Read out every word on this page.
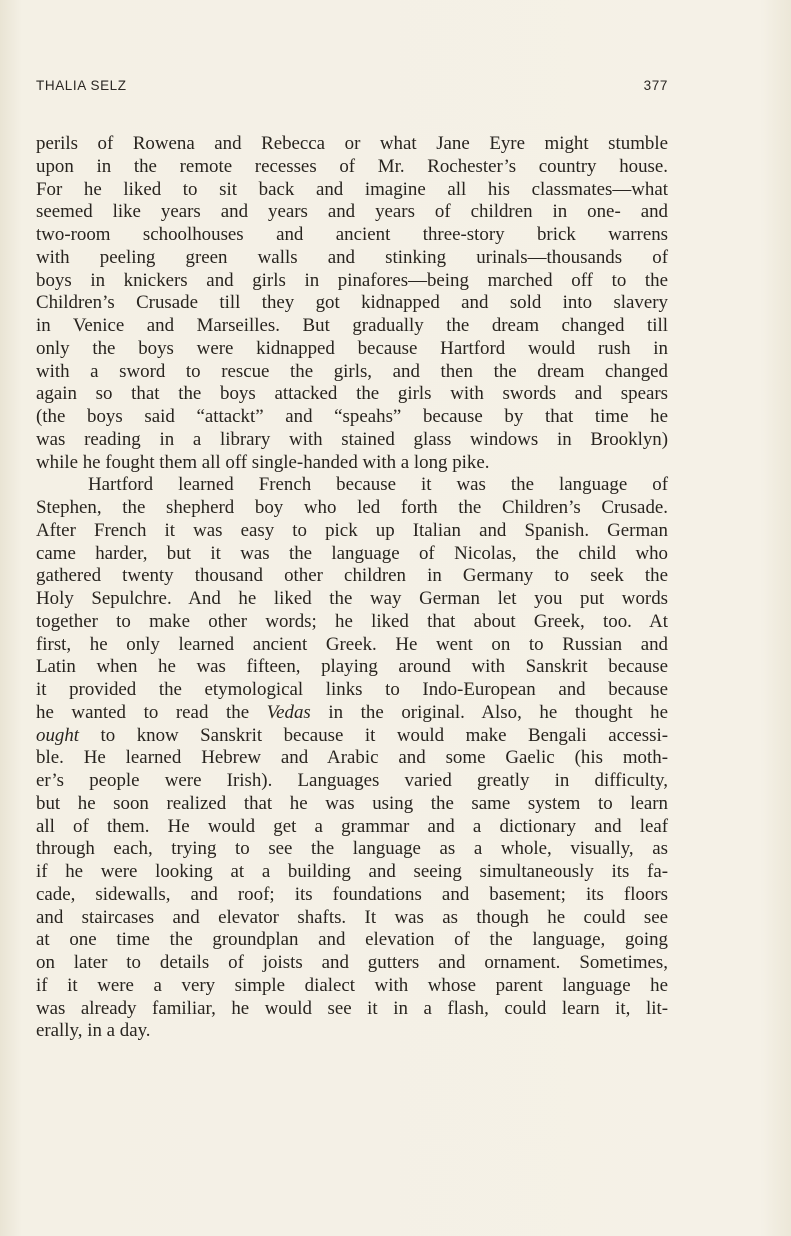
THALIA SELZ	377
perils of Rowena and Rebecca or what Jane Eyre might stumble
upon in the remote recesses of Mr. Rochester’s country house.
For he liked to sit back and imagine all his classmates—what
seemed like years and years and years of children in one- and
two-room schoolhouses and ancient three-story brick warrens
with peeling green walls and stinking urinals—thousands of
boys in knickers and girls in pinafores—being marched off to the
Children’s Crusade till they got kidnapped and sold into slavery
in Venice and Marseilles. But gradually the dream changed till
only the boys were kidnapped because Hartford would rush in
with a sword to rescue the girls, and then the dream changed
again so that the boys attacked the girls with swords and spears
(the boys said “attackt” and “speahs” because by that time he
was reading in a library with stained glass windows in Brooklyn)
while he fought them all off single-handed with a long pike.
Hartford learned French because it was the language of
Stephen, the shepherd boy who led forth the Children’s Crusade.
After French it was easy to pick up Italian and Spanish. German
came harder, but it was the language of Nicolas, the child who
gathered twenty thousand other children in Germany to seek the
Holy Sepulchre. And he liked the way German let you put words
together to make other words; he liked that about Greek, too. At
first, he only learned ancient Greek. He went on to Russian and
Latin when he was fifteen, playing around with Sanskrit because
it provided the etymological links to Indo-European and because
he wanted to read the Vedas in the original. Also, he thought he
ought to know Sanskrit because it would make Bengali accessi-
ble. He learned Hebrew and Arabic and some Gaelic (his moth-
er’s people were Irish). Languages varied greatly in difficulty,
but he soon realized that he was using the same system to learn
all of them. He would get a grammar and a dictionary and leaf
through each, trying to see the language as a whole, visually, as
if he were looking at a building and seeing simultaneously its fa-
cade, sidewalls, and roof; its foundations and basement; its floors
and staircases and elevator shafts. It was as though he could see
at one time the groundplan and elevation of the language, going
on later to details of joists and gutters and ornament. Sometimes,
if it were a very simple dialect with whose parent language he
was already familiar, he would see it in a flash, could learn it, lit-
erally, in a day.
